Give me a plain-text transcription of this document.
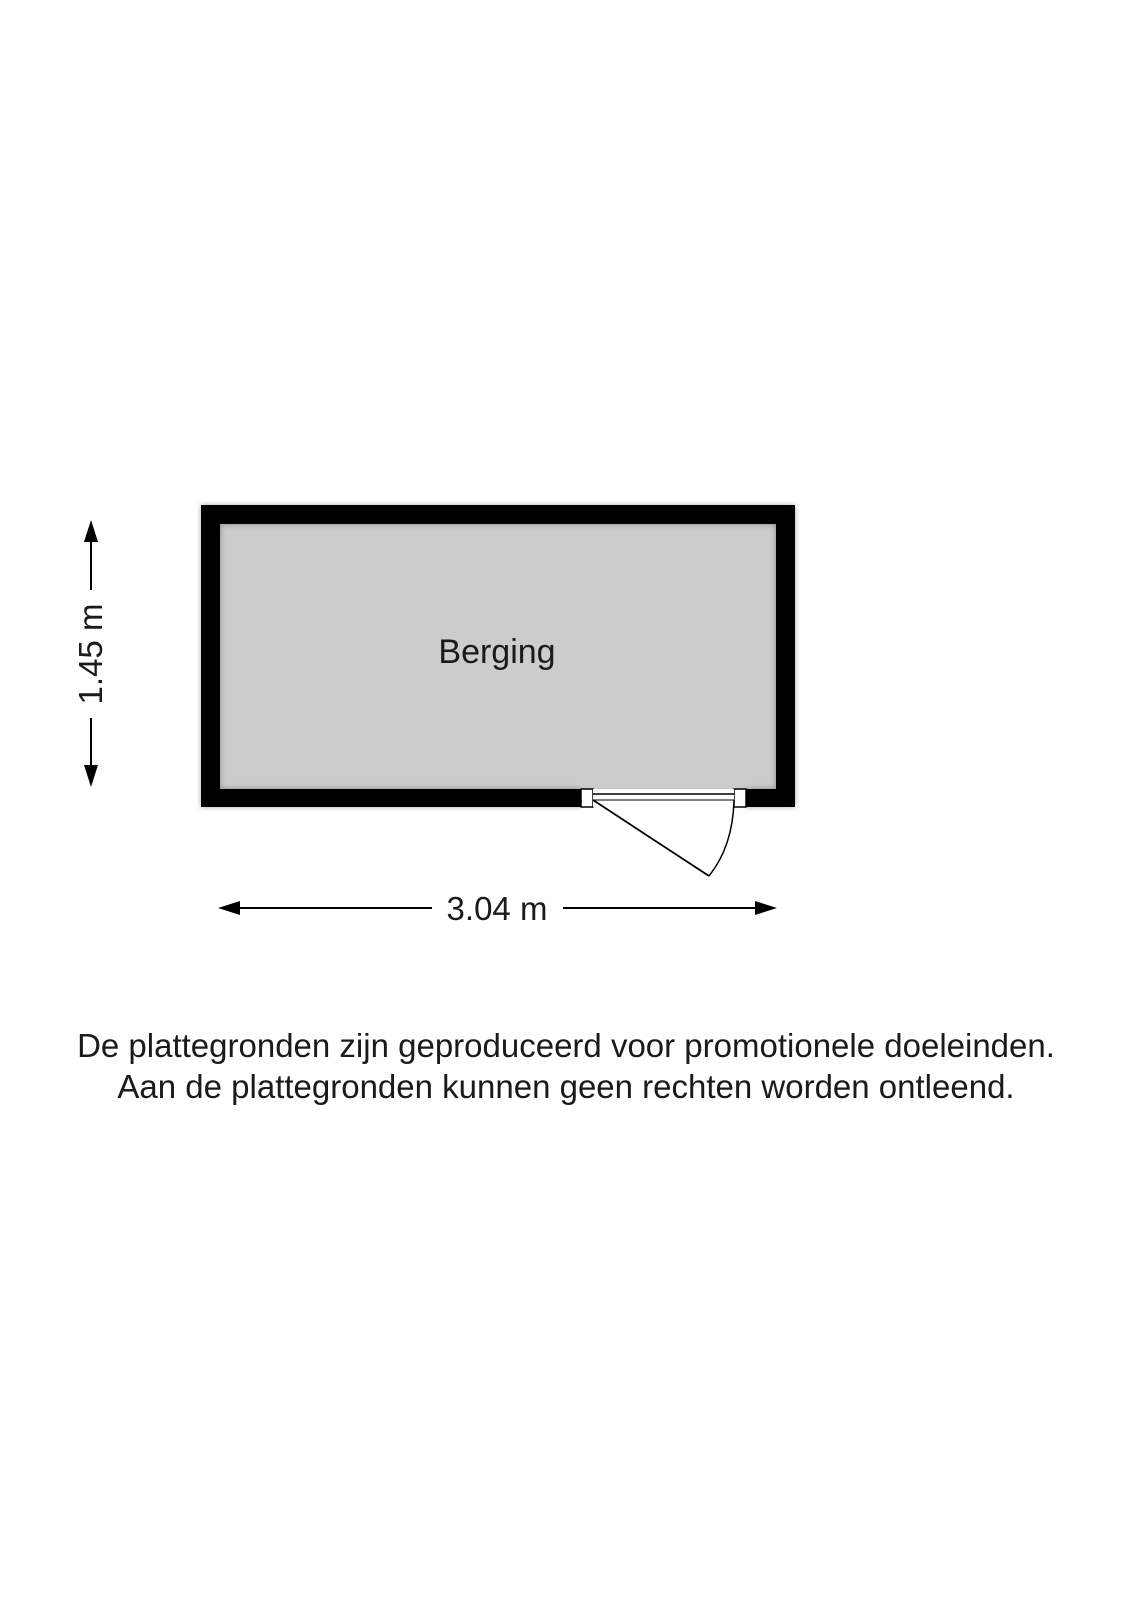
Berging
3.04 m
1.45 m
De plattegronden zijn geproduceerd voor promotionele doeleinden.
Aan de plattegronden kunnen geen rechten worden ontleend.
